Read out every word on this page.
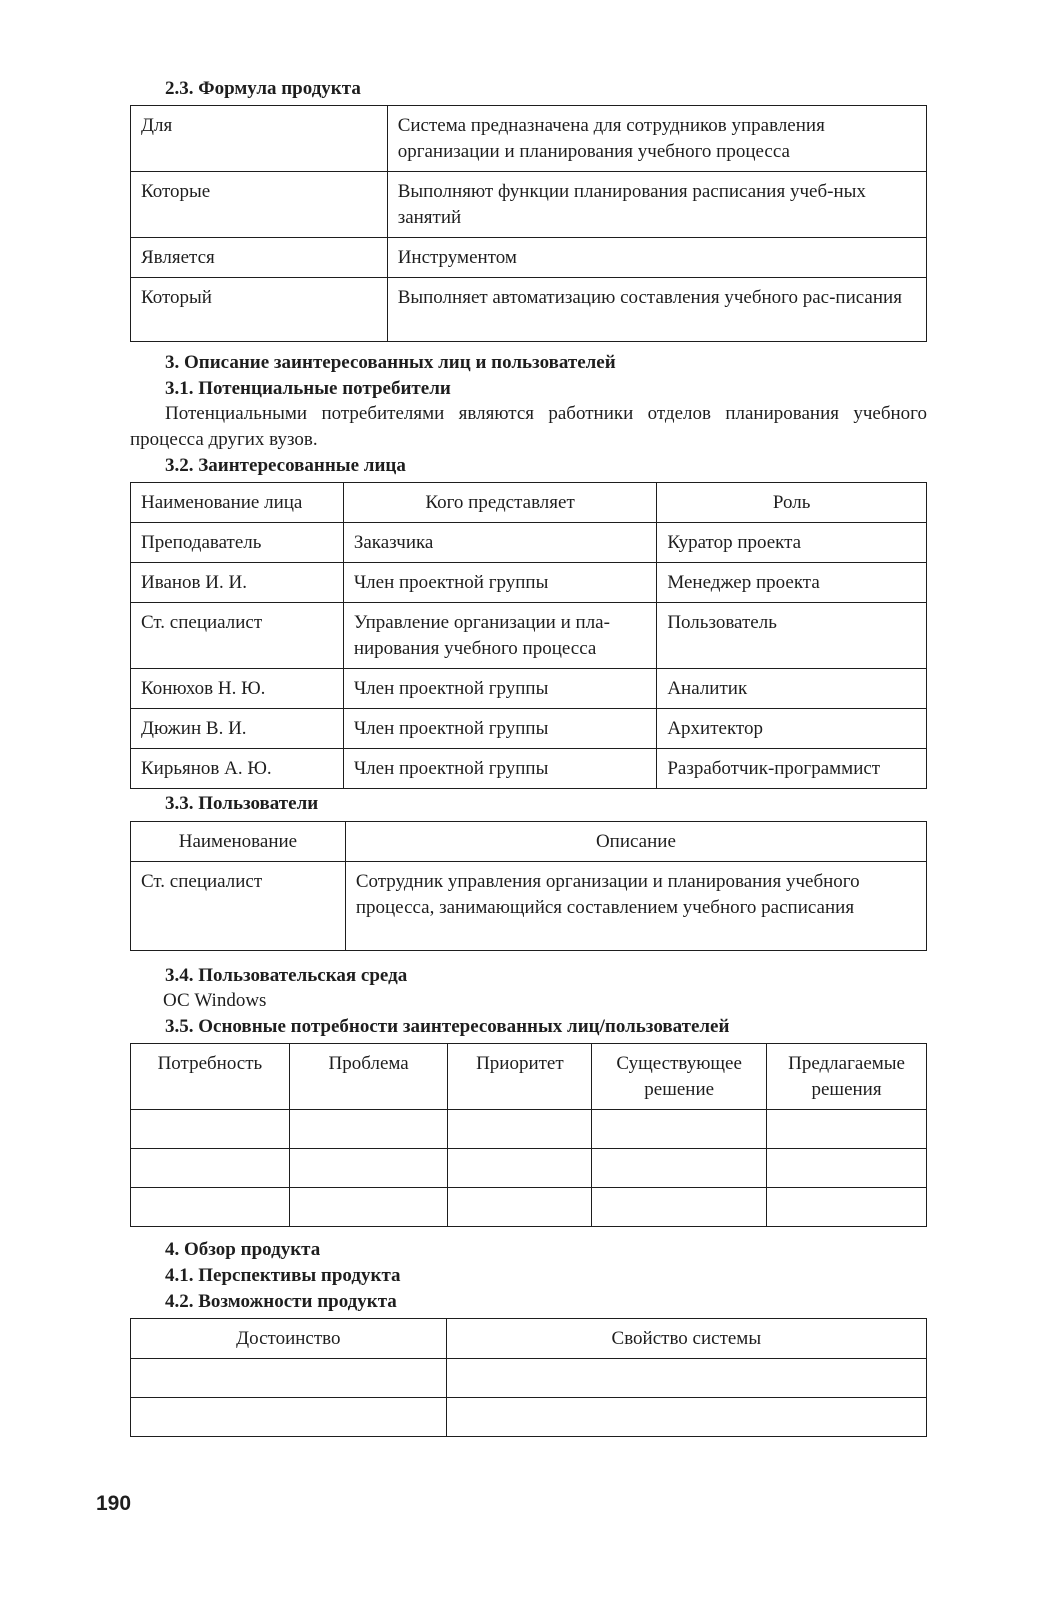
2.3. Формула продукта
Для	Система предназначена для сотрудников управления организации и планирования учебного процесса
Которые	Выполняют функции планирования расписания учеб-ных занятий
Является	Инструментом
Который	Выполняет автоматизацию составления учебного рас-писания
3. Описание заинтересованных лиц и пользователей
3.1. Потенциальные потребители
Потенциальными потребителями являются работники отделов планирования учебного процесса других вузов.
3.2. Заинтересованные лица
Наименование лица	Кого представляет	Роль
Преподаватель	Заказчика	Куратор проекта
Иванов И. И.	Член проектной группы	Менеджер проекта
Ст. специалист	Управление организации и пла-нирования учебного процесса	Пользователь
Конюхов Н. Ю.	Член проектной группы	Аналитик
Дюжин В. И.	Член проектной группы	Архитектор
Кирьянов А. Ю.	Член проектной группы	Разработчик-программист
3.3. Пользователи
Наименование	Описание
Ст. специалист	Сотрудник управления организации и планирования учебного процесса, занимающийся составлением учебного расписания
3.4. Пользовательская среда
ОС Windows
3.5. Основные потребности заинтересованных лиц/пользователей
Потребность	Проблема	Приоритет	Существующее решение	Предлагаемые решения

4. Обзор продукта
4.1. Перспективы продукта
4.2. Возможности продукта
Достоинство	Свойство системы

190
